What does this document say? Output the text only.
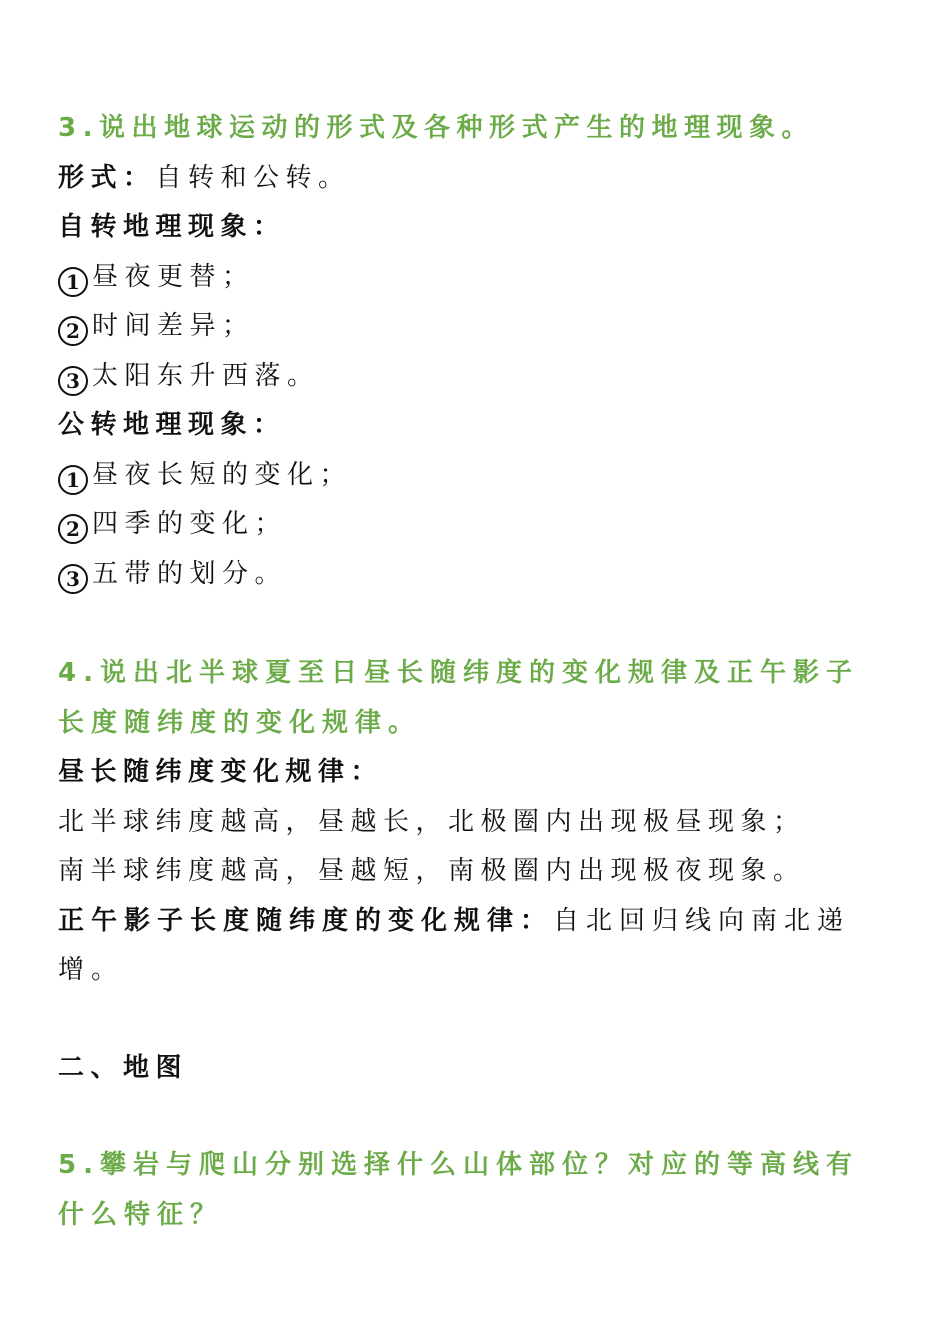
3.说出地球运动的形式及各种形式产生的地理现象。
形式：自转和公转。
自转地理现象：
1 昼夜更替；
2 时间差异；
3 太阳东升西落。
公转地理现象：
1 昼夜长短的变化；
2 四季的变化；
3 五带的划分。
4.说出北半球夏至日昼长随纬度的变化规律及正午影子长度随纬度的变化规律。
昼长随纬度变化规律：
北半球纬度越高，昼越长，北极圈内出现极昼现象；
南半球纬度越高，昼越短，南极圈内出现极夜现象。
正午影子长度随纬度的变化规律：自北回归线向南北递增。
二、地图
5.攀岩与爬山分别选择什么山体部位？对应的等高线有什么特征？
